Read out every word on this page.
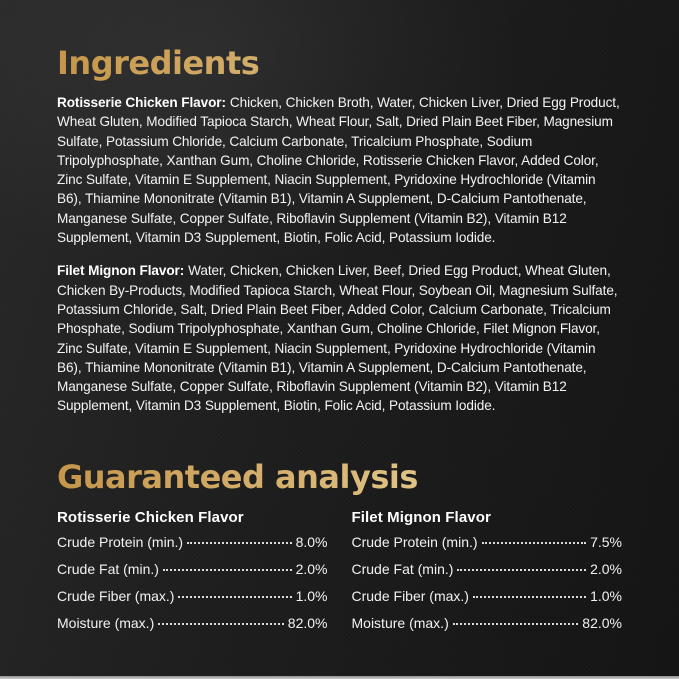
Ingredients

Rotisserie Chicken Flavor: Chicken, Chicken Broth, Water, Chicken Liver, Dried Egg Product, Wheat Gluten, Modified Tapioca Starch, Wheat Flour, Salt, Dried Plain Beet Fiber, Magnesium Sulfate, Potassium Chloride, Calcium Carbonate, Tricalcium Phosphate, Sodium Tripolyphosphate, Xanthan Gum, Choline Chloride, Rotisserie Chicken Flavor, Added Color, Zinc Sulfate, Vitamin E Supplement, Niacin Supplement, Pyridoxine Hydrochloride (Vitamin B6), Thiamine Mononitrate (Vitamin B1), Vitamin A Supplement, D-Calcium Pantothenate, Manganese Sulfate, Copper Sulfate, Riboflavin Supplement (Vitamin B2), Vitamin B12 Supplement, Vitamin D3 Supplement, Biotin, Folic Acid, Potassium Iodide.

Filet Mignon Flavor: Water, Chicken, Chicken Liver, Beef, Dried Egg Product, Wheat Gluten, Chicken By-Products, Modified Tapioca Starch, Wheat Flour, Soybean Oil, Magnesium Sulfate, Potassium Chloride, Salt, Dried Plain Beet Fiber, Added Color, Calcium Carbonate, Tricalcium Phosphate, Sodium Tripolyphosphate, Xanthan Gum, Choline Chloride, Filet Mignon Flavor, Zinc Sulfate, Vitamin E Supplement, Niacin Supplement, Pyridoxine Hydrochloride (Vitamin B6), Thiamine Mononitrate (Vitamin B1), Vitamin A Supplement, D-Calcium Pantothenate, Manganese Sulfate, Copper Sulfate, Riboflavin Supplement (Vitamin B2), Vitamin B12 Supplement, Vitamin D3 Supplement, Biotin, Folic Acid, Potassium Iodide.

Guaranteed analysis
Rotisserie Chicken Flavor
Crude Protein (min.)	8.0%
Crude Fat (min.)	2.0%
Crude Fiber (max.)	1.0%
Moisture (max.)	82.0%
Filet Mignon Flavor
Crude Protein (min.)	7.5%
Crude Fat (min.)	2.0%
Crude Fiber (max.)	1.0%
Moisture (max.)	82.0%
